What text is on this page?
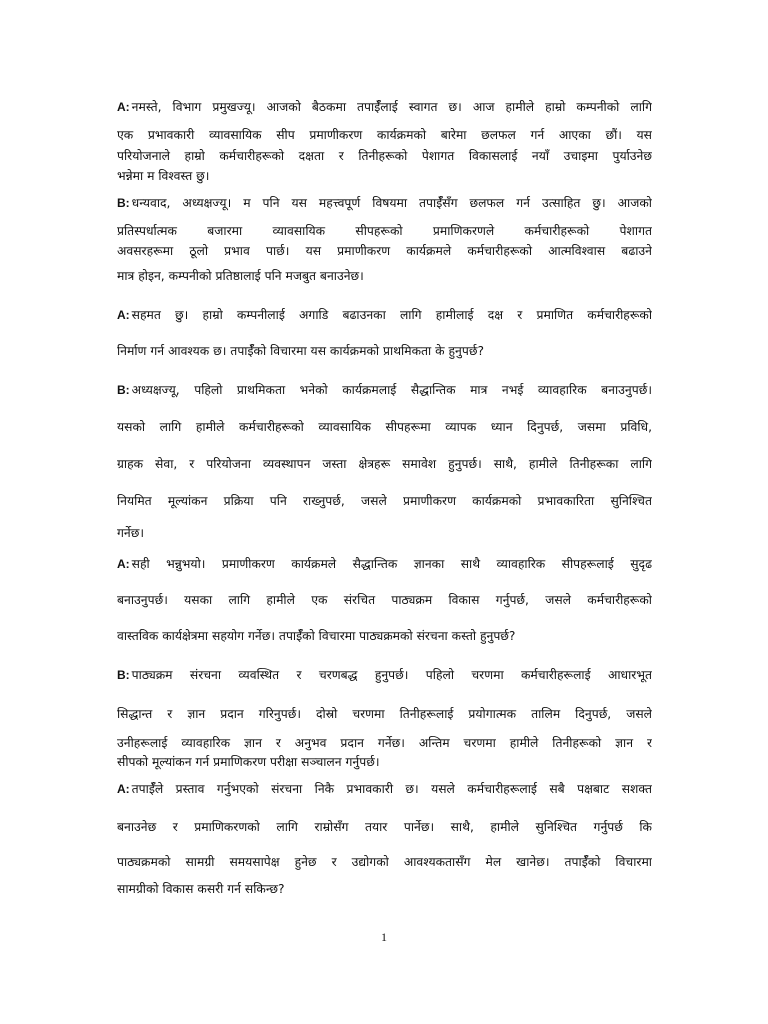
A: नमस्ते, विभाग प्रमुखज्यू। आजको बैठकमा तपाईँलाई स्वागत छ। आज हामीले हाम्रो कम्पनीको लागि

एक प्रभावकारी व्यावसायिक सीप प्रमाणीकरण कार्यक्रमको बारेमा छलफल गर्न आएका छौं। यस

परियोजनाले हाम्रो कर्मचारीहरूको दक्षता र तिनीहरूको पेशागत विकासलाई नयाँ उचाइमा पुर्याउनेछ

भन्नेमा म विश्वस्त छु।

B: धन्यवाद, अध्यक्षज्यू। म पनि यस महत्त्वपूर्ण विषयमा तपाईँसँग छलफल गर्न उत्साहित छु। आजको

प्रतिस्पर्धात्मक बजारमा व्यावसायिक सीपहरूको प्रमाणिकरणले कर्मचारीहरूको पेशागत

अवसरहरूमा ठूलो प्रभाव पार्छ। यस प्रमाणीकरण कार्यक्रमले कर्मचारीहरूको आत्मविश्वास बढाउने

मात्र होइन, कम्पनीको प्रतिष्ठालाई पनि मजबुत बनाउनेछ।

A: सहमत छु। हाम्रो कम्पनीलाई अगाडि बढाउनका लागि हामीलाई दक्ष र प्रमाणित कर्मचारीहरूको

निर्माण गर्न आवश्यक छ। तपाईँको विचारमा यस कार्यक्रमको प्राथमिकता के हुनुपर्छ?

B: अध्यक्षज्यू, पहिलो प्राथमिकता भनेको कार्यक्रमलाई सैद्धान्तिक मात्र नभई व्यावहारिक बनाउनुपर्छ।

यसको लागि हामीले कर्मचारीहरूको व्यावसायिक सीपहरूमा व्यापक ध्यान दिनुपर्छ, जसमा प्रविधि,

ग्राहक सेवा, र परियोजना व्यवस्थापन जस्ता क्षेत्रहरू समावेश हुनुपर्छ। साथै, हामीले तिनीहरूका लागि

नियमित मूल्यांकन प्रक्रिया पनि राख्नुपर्छ, जसले प्रमाणीकरण कार्यक्रमको प्रभावकारिता सुनिश्चित

गर्नेछ।

A: सही भन्नुभयो। प्रमाणीकरण कार्यक्रमले सैद्धान्तिक ज्ञानका साथै व्यावहारिक सीपहरूलाई सुदृढ

बनाउनुपर्छ। यसका लागि हामीले एक संरचित पाठ्यक्रम विकास गर्नुपर्छ, जसले कर्मचारीहरूको

वास्तविक कार्यक्षेत्रमा सहयोग गर्नेछ। तपाईँको विचारमा पाठ्यक्रमको संरचना कस्तो हुनुपर्छ?

B: पाठ्यक्रम संरचना व्यवस्थित र चरणबद्ध हुनुपर्छ। पहिलो चरणमा कर्मचारीहरूलाई आधारभूत

सिद्धान्त र ज्ञान प्रदान गरिनुपर्छ। दोस्रो चरणमा तिनीहरूलाई प्रयोगात्मक तालिम दिनुपर्छ, जसले

उनीहरूलाई व्यावहारिक ज्ञान र अनुभव प्रदान गर्नेछ। अन्तिम चरणमा हामीले तिनीहरूको ज्ञान र

सीपको मूल्यांकन गर्न प्रमाणिकरण परीक्षा सञ्चालन गर्नुपर्छ।

A: तपाईँले प्रस्ताव गर्नुभएको संरचना निकै प्रभावकारी छ। यसले कर्मचारीहरूलाई सबै पक्षबाट सशक्त

बनाउनेछ र प्रमाणिकरणको लागि राम्रोसँग तयार पार्नेछ। साथै, हामीले सुनिश्चित गर्नुपर्छ कि

पाठ्यक्रमको सामग्री समयसापेक्ष हुनेछ र उद्योगको आवश्यकतासँग मेल खानेछ। तपाईँको विचारमा

सामग्रीको विकास कसरी गर्न सकिन्छ?

1
